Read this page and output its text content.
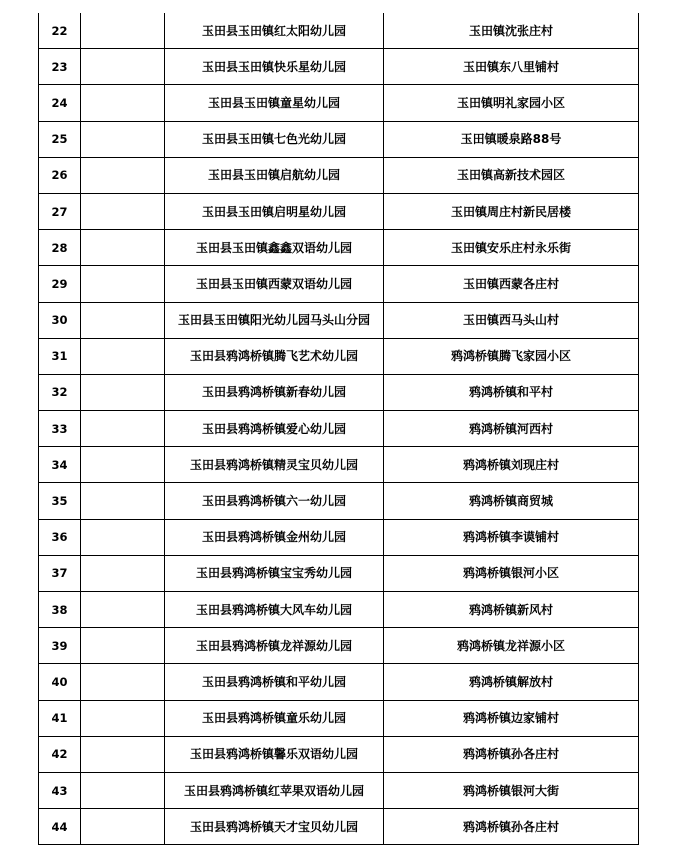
22		玉田县玉田镇红太阳幼儿园	玉田镇沈张庄村
23		玉田县玉田镇快乐星幼儿园	玉田镇东八里铺村
24		玉田县玉田镇童星幼儿园	玉田镇明礼家园小区
25		玉田县玉田镇七色光幼儿园	玉田镇暖泉路88号
26		玉田县玉田镇启航幼儿园	玉田镇高新技术园区
27		玉田县玉田镇启明星幼儿园	玉田镇周庄村新民居楼
28		玉田县玉田镇鑫鑫双语幼儿园	玉田镇安乐庄村永乐街
29		玉田县玉田镇西蒙双语幼儿园	玉田镇西蒙各庄村
30		玉田县玉田镇阳光幼儿园马头山分园	玉田镇西马头山村
31		玉田县鸦鸿桥镇腾飞艺术幼儿园	鸦鸿桥镇腾飞家园小区
32		玉田县鸦鸿桥镇新春幼儿园	鸦鸿桥镇和平村
33		玉田县鸦鸿桥镇爱心幼儿园	鸦鸿桥镇河西村
34		玉田县鸦鸿桥镇精灵宝贝幼儿园	鸦鸿桥镇刘现庄村
35		玉田县鸦鸿桥镇六一幼儿园	鸦鸿桥镇商贸城
36		玉田县鸦鸿桥镇金州幼儿园	鸦鸿桥镇李谟铺村
37		玉田县鸦鸿桥镇宝宝秀幼儿园	鸦鸿桥镇银河小区
38		玉田县鸦鸿桥镇大风车幼儿园	鸦鸿桥镇新风村
39		玉田县鸦鸿桥镇龙祥源幼儿园	鸦鸿桥镇龙祥源小区
40		玉田县鸦鸿桥镇和平幼儿园	鸦鸿桥镇解放村
41		玉田县鸦鸿桥镇童乐幼儿园	鸦鸿桥镇边家铺村
42		玉田县鸦鸿桥镇馨乐双语幼儿园	鸦鸿桥镇孙各庄村
43		玉田县鸦鸿桥镇红苹果双语幼儿园	鸦鸿桥镇银河大街
44		玉田县鸦鸿桥镇天才宝贝幼儿园	鸦鸿桥镇孙各庄村
